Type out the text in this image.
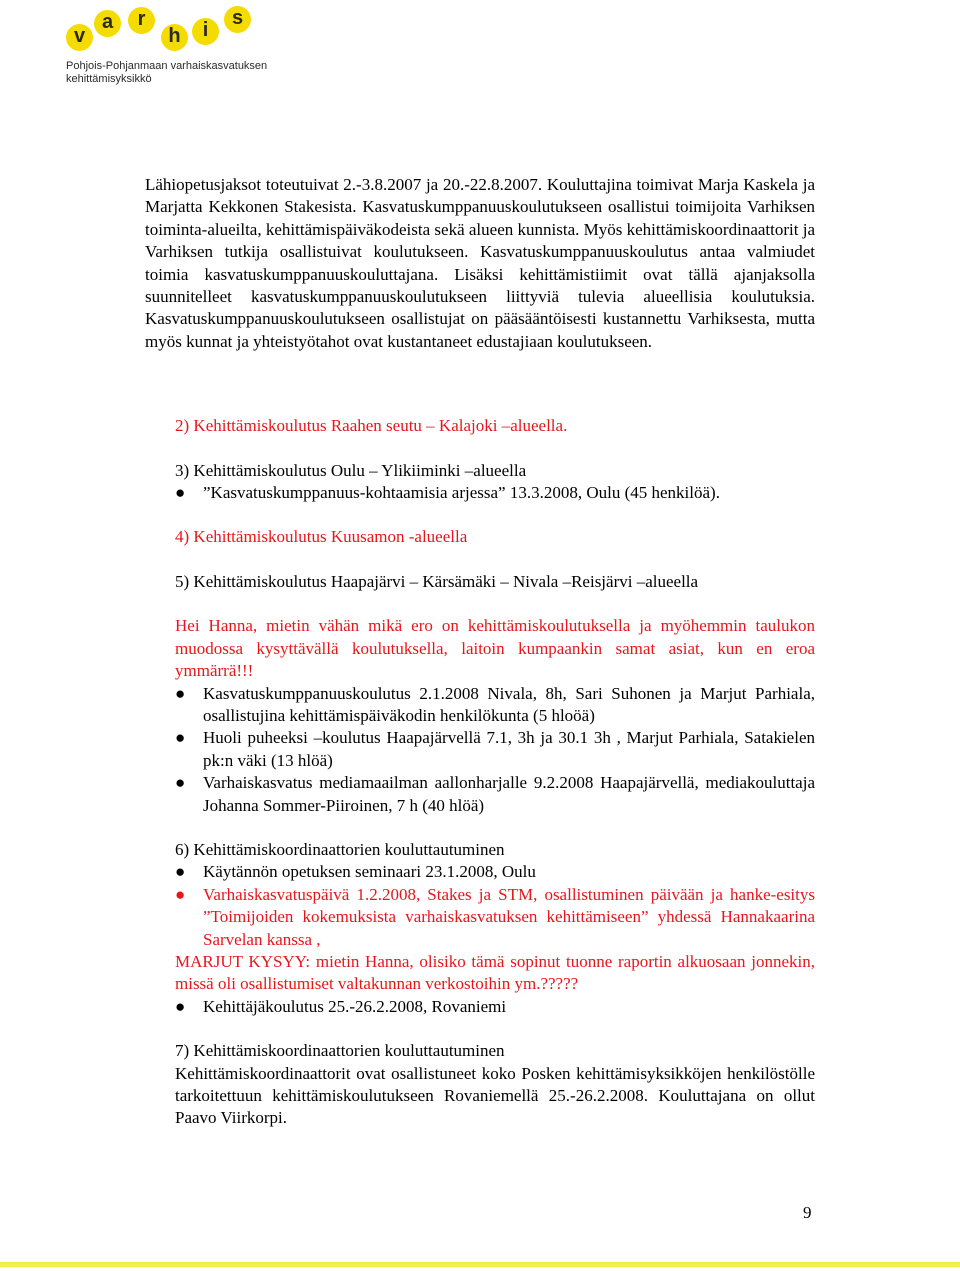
v
a	r
h	i
s
Pohjois-Pohjanmaan varhaiskasvatuksen
kehittämisyksikkö

Lähiopetusjaksot toteutuivat 2.-3.8.2007 ja 20.-22.8.2007. Kouluttajina toimivat Marja Kaskela ja Marjatta Kekkonen Stakesista. Kasvatuskumppanuuskoulutukseen osallistui toimijoita Varhiksen toiminta-alueilta, kehittämispäiväkodeista sekä alueen kunnista. Myös kehittämiskoordinaattorit ja Varhiksen tutkija osallistuivat koulutukseen. Kasvatuskumppanuuskoulutus antaa valmiudet toimia kasvatuskumppanuuskouluttajana. Lisäksi kehittämistiimit ovat tällä ajanjaksolla suunnitelleet kasvatuskumppanuuskoulutukseen liittyviä tulevia alueellisia koulutuksia. Kasvatuskumppanuuskoulutukseen osallistujat on pääsääntöisesti kustannettu Varhiksesta, mutta myös kunnat ja yhteistyötahot ovat kustantaneet edustajiaan koulutukseen.

2) Kehittämiskoulutus Raahen seutu – Kalajoki –alueella.

3) Kehittämiskoulutus Oulu – Ylikiiminki –alueella

● ”Kasvatuskumppanuus-kohtaamisia arjessa” 13.3.2008, Oulu (45 henkilöä).

4) Kehittämiskoulutus Kuusamon -alueella

5) Kehittämiskoulutus Haapajärvi – Kärsämäki – Nivala –Reisjärvi –alueella

Hei Hanna, mietin vähän mikä ero on kehittämiskoulutuksella ja myöhemmin taulukon muodossa kysyttävällä koulutuksella, laitoin kumpaankin samat asiat, kun en eroa ymmärrä!!!

● Kasvatuskumppanuuskoulutus 2.1.2008 Nivala, 8h, Sari Suhonen ja Marjut Parhiala, osallistujina kehittämispäiväkodin henkilökunta (5 hloöä)
● Huoli puheeksi –koulutus Haapajärvellä 7.1, 3h ja 30.1 3h , Marjut Parhiala, Satakielen pk:n väki (13 hlöä)
● Varhaiskasvatus mediamaailman aallonharjalle 9.2.2008 Haapajärvellä, mediakouluttaja Johanna Sommer-Piiroinen, 7 h (40 hlöä)

6) Kehittämiskoordinaattorien kouluttautuminen

● Käytännön opetuksen seminaari 23.1.2008, Oulu
● Varhaiskasvatuspäivä 1.2.2008, Stakes ja STM, osallistuminen päivään ja hanke-esitys ”Toimijoiden kokemuksista varhaiskasvatuksen kehittämiseen” yhdessä Hannakaarina Sarvelan kanssa ,

MARJUT KYSYY: mietin Hanna, olisiko tämä sopinut tuonne raportin alkuosaan jonnekin, missä oli osallistumiset valtakunnan verkostoihin ym.?????

● Kehittäjäkoulutus 25.-26.2.2008, Rovaniemi

7) Kehittämiskoordinaattorien kouluttautuminen

Kehittämiskoordinaattorit ovat osallistuneet koko Posken kehittämisyksikköjen henkilöstölle tarkoitettuun kehittämiskoulutukseen Rovaniemellä 25.-26.2.2008. Kouluttajana on ollut Paavo Viirkorpi.

9
